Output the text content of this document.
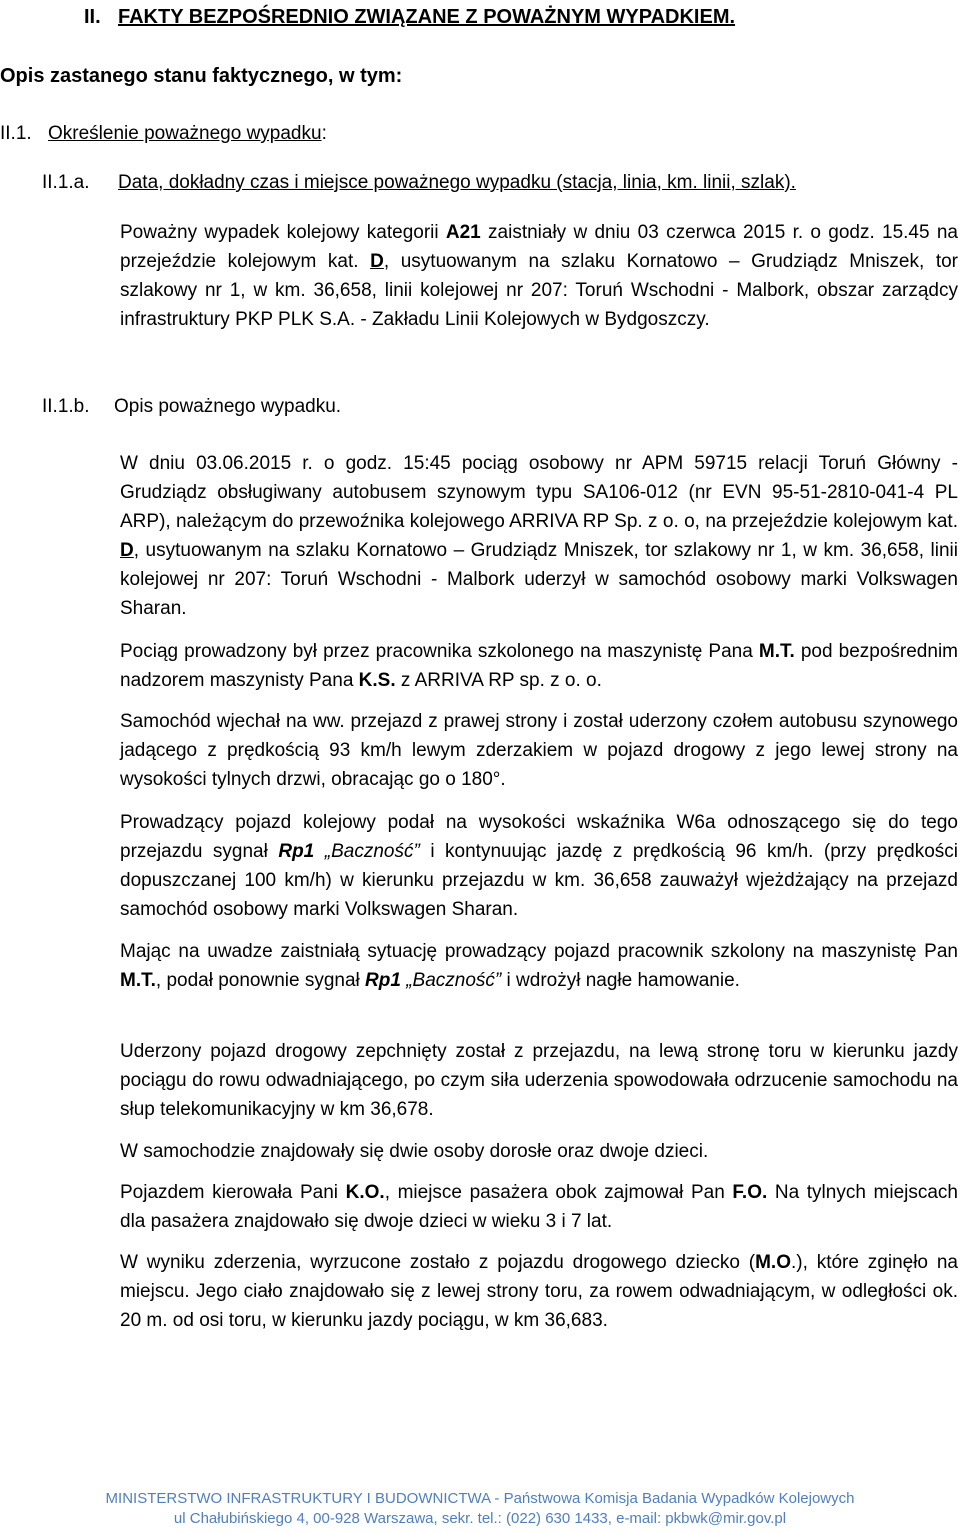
II. FAKTY BEZPOŚREDNIO ZWIĄZANE Z POWAŻNYM WYPADKIEM.
Opis zastanego stanu faktycznego, w tym:
II.1. Określenie poważnego wypadku:
II.1.a. Data, dokładny czas i miejsce poważnego wypadku (stacja, linia, km. linii, szlak).

Poważny wypadek kolejowy kategorii A21 zaistniały w dniu 03 czerwca 2015 r. o godz. 15.45 na przejeździe kolejowym kat. D, usytuowanym na szlaku Kornatowo – Grudziądz Mniszek, tor szlakowy nr 1, w km. 36,658, linii kolejowej nr 207: Toruń Wschodni - Malbork, obszar zarządcy infrastruktury PKP PLK S.A. - Zakładu Linii Kolejowych w Bydgoszczy.

II.1.b. Opis poważnego wypadku.

W dniu 03.06.2015 r. o godz. 15:45 pociąg osobowy nr APM 59715 relacji Toruń Główny - Grudziądz obsługiwany autobusem szynowym typu SA106-012 (nr EVN 95-51-2810-041-4 PL ARP), należącym do przewoźnika kolejowego ARRIVA RP Sp. z o. o, na przejeździe kolejowym kat. D, usytuowanym na szlaku Kornatowo – Grudziądz Mniszek, tor szlakowy nr 1, w km. 36,658, linii kolejowej nr 207: Toruń Wschodni - Malbork uderzył w samochód osobowy marki Volkswagen Sharan.

Pociąg prowadzony był przez pracownika szkolonego na maszynistę Pana M.T. pod bezpośrednim nadzorem maszynisty Pana K.S. z ARRIVA RP sp. z o. o.

Samochód wjechał na ww. przejazd z prawej strony i został uderzony czołem autobusu szynowego jadącego z prędkością 93 km/h lewym zderzakiem w pojazd drogowy z jego lewej strony na wysokości tylnych drzwi, obracając go o 180°.

Prowadzący pojazd kolejowy podał na wysokości wskaźnika W6a odnoszącego się do tego przejazdu sygnał Rp1 „Baczność” i kontynuując jazdę z prędkością 96 km/h. (przy prędkości dopuszczanej 100 km/h) w kierunku przejazdu w km. 36,658 zauważył wjeżdżający na przejazd samochód osobowy marki Volkswagen Sharan.

Mając na uwadze zaistniałą sytuację prowadzący pojazd pracownik szkolony na maszynistę Pan M.T., podał ponownie sygnał Rp1 „Baczność” i wdrożył nagłe hamowanie.

Uderzony pojazd drogowy zepchnięty został z przejazdu, na lewą stronę toru w kierunku jazdy pociągu do rowu odwadniającego, po czym siła uderzenia spowodowała odrzucenie samochodu na słup telekomunikacyjny w km 36,678.

W samochodzie znajdowały się dwie osoby dorosłe oraz dwoje dzieci.

Pojazdem kierowała Pani K.O., miejsce pasażera obok zajmował Pan F.O. Na tylnych miejscach dla pasażera znajdowało się dwoje dzieci w wieku 3 i 7 lat.

W wyniku zderzenia, wyrzucone zostało z pojazdu drogowego dziecko (M.O.), które zginęło na miejscu. Jego ciało znajdowało się z lewej strony toru, za rowem odwadniającym, w odległości ok. 20 m. od osi toru, w kierunku jazdy pociągu, w km 36,683.

MINISTERSTWO INFRASTRUKTURY I BUDOWNICTWA - Państwowa Komisja Badania Wypadków Kolejowych
ul Chałubińskiego 4, 00-928 Warszawa, sekr. tel.: (022) 630 1433, e-mail: pkbwk@mir.gov.pl
